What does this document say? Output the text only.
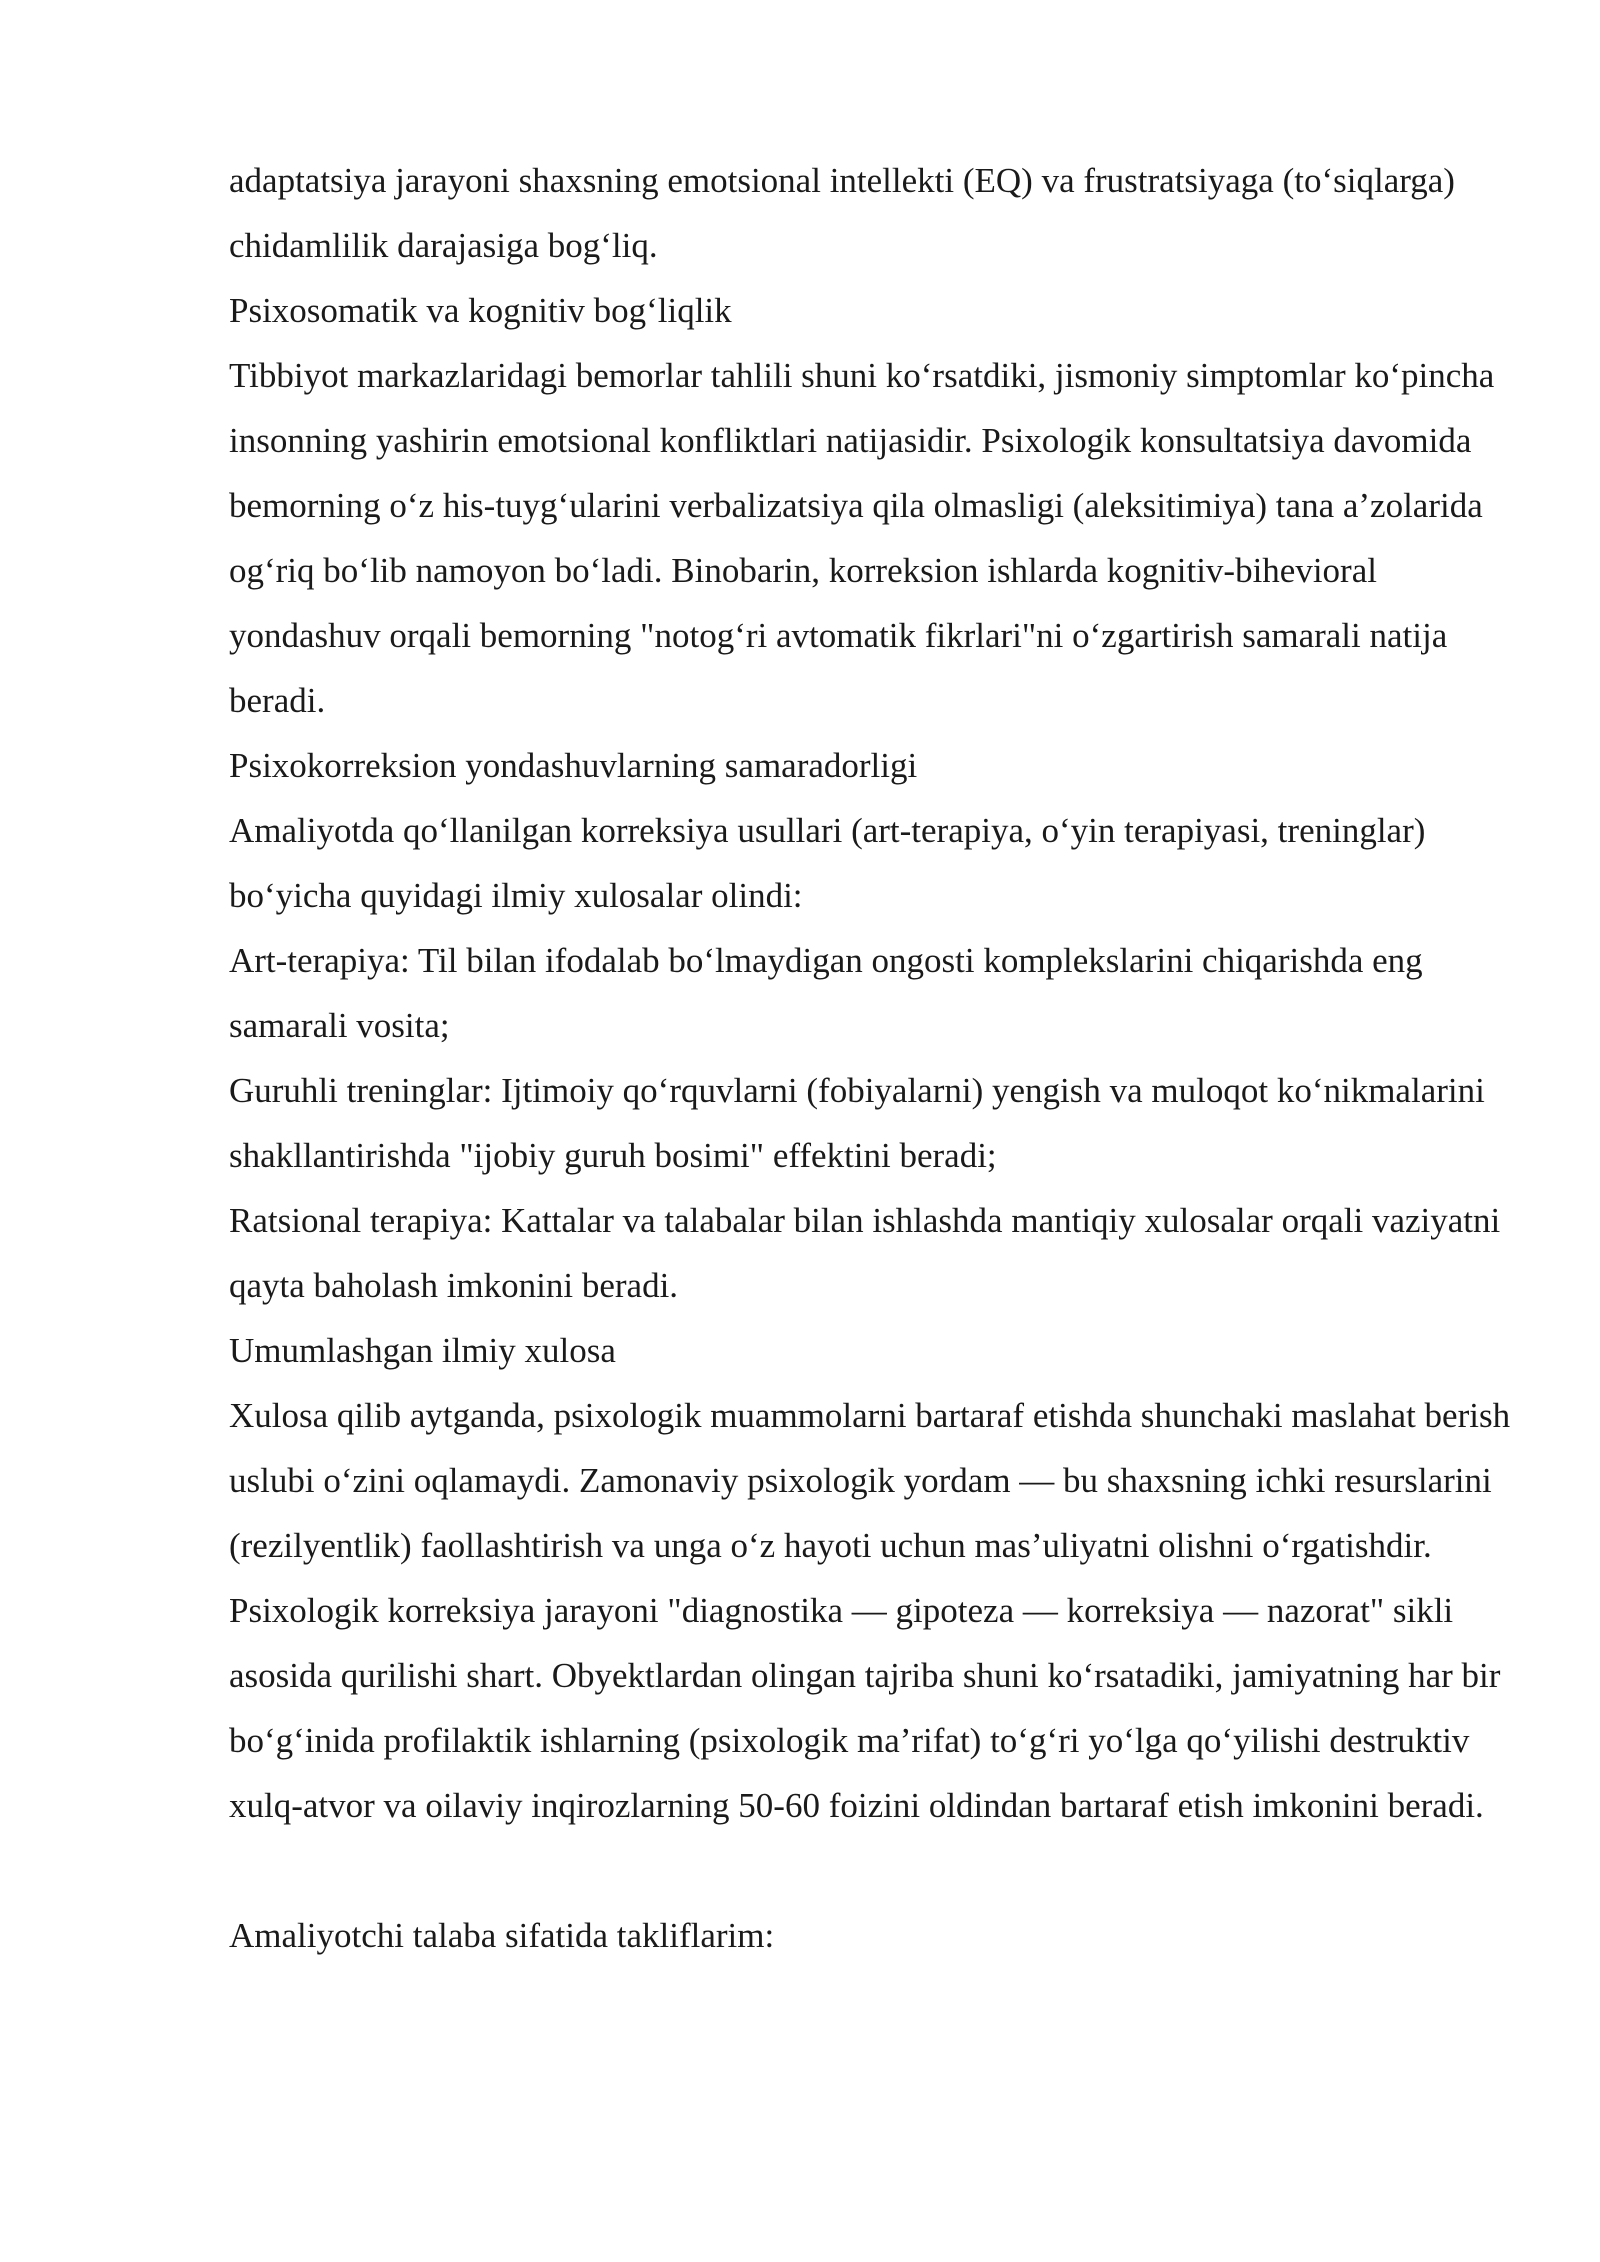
adaptatsiya jarayoni shaxsning emotsional intellekti (EQ) va frustratsiyaga (to‘siqlarga) chidamlilik darajasiga bog‘liq.

Psixosomatik va kognitiv bog‘liqlik

Tibbiyot markazlaridagi bemorlar tahlili shuni ko‘rsatdiki, jismoniy simptomlar ko‘pincha insonning yashirin emotsional konfliktlari natijasidir. Psixologik konsultatsiya davomida bemorning o‘z his-tuyg‘ularini verbalizatsiya qila olmasligi (aleksitimiya) tana a’zolarida og‘riq bo‘lib namoyon bo‘ladi. Binobarin, korreksion ishlarda kognitiv-bihevioral yondashuv orqali bemorning "notog‘ri avtomatik fikrlari"ni o‘zgartirish samarali natija beradi.

Psixokorreksion yondashuvlarning samaradorligi

Amaliyotda qo‘llanilgan korreksiya usullari (art-terapiya, o‘yin terapiyasi, treninglar) bo‘yicha quyidagi ilmiy xulosalar olindi:

Art-terapiya: Til bilan ifodalab bo‘lmaydigan ongosti komplekslarini chiqarishda eng samarali vosita;

Guruhli treninglar: Ijtimoiy qo‘rquvlarni (fobiyalarni) yengish va muloqot ko‘nikmalarini shakllantirishda "ijobiy guruh bosimi" effektini beradi;

Ratsional terapiya: Kattalar va talabalar bilan ishlashda mantiqiy xulosalar orqali vaziyatni qayta baholash imkonini beradi.

Umumlashgan ilmiy xulosa

Xulosa qilib aytganda, psixologik muammolarni bartaraf etishda shunchaki maslahat berish uslubi o‘zini oqlamaydi. Zamonaviy psixologik yordam — bu shaxsning ichki resurslarini (rezilyentlik) faollashtirish va unga o‘z hayoti uchun mas’uliyatni olishni o‘rgatishdir. Psixologik korreksiya jarayoni "diagnostika — gipoteza — korreksiya — nazorat" sikli asosida qurilishi shart. Obyektlardan olingan tajriba shuni ko‘rsatadiki, jamiyatning har bir bo‘g‘inida profilaktik ishlarning (psixologik ma’rifat) to‘g‘ri yo‘lga qo‘yilishi destruktiv xulq-atvor va oilaviy inqirozlarning 50-60 foizini oldindan bartaraf etish imkonini beradi.

Amaliyotchi talaba sifatida takliflarim:
